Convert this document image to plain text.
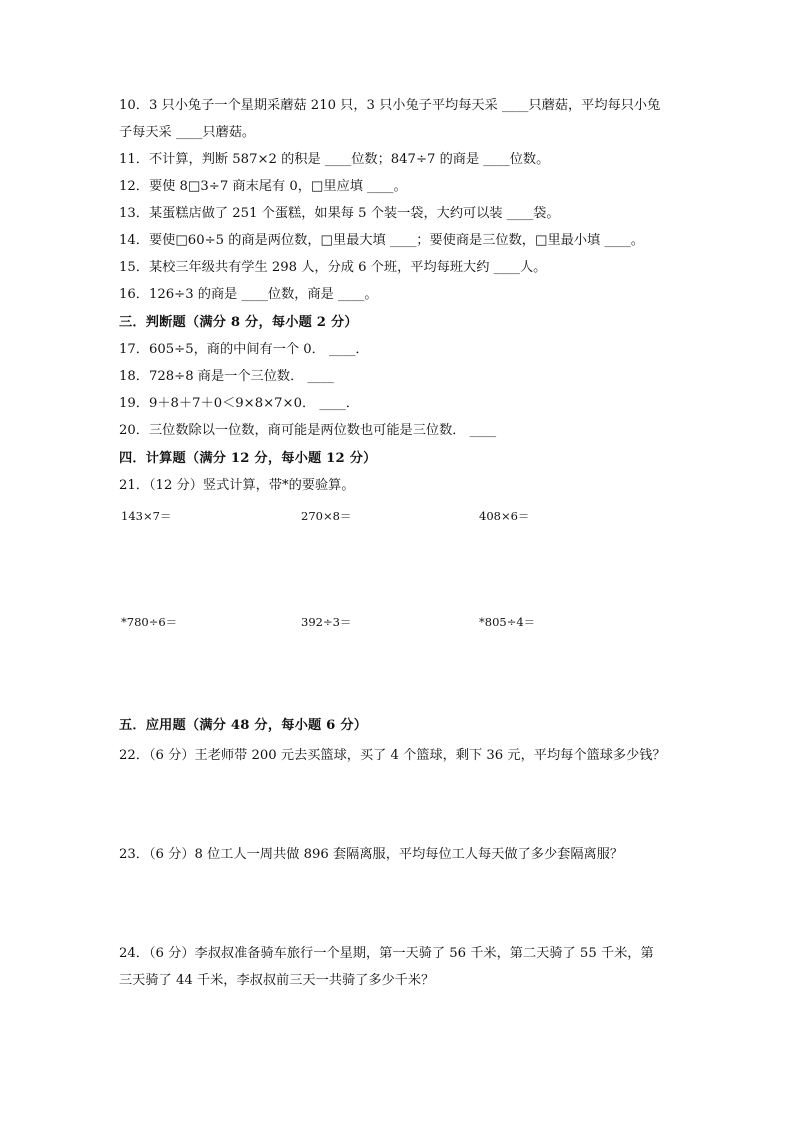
10．3 只小兔子一个星期采蘑菇 210 只，3 只小兔子平均每天采 ____只蘑菇，平均每只小兔
子每天采 ____只蘑菇。
11．不计算，判断 587×2 的积是 ____位数；847÷7 的商是 ____位数。
12．要使 8□3÷7 商末尾有 0，□里应填 ____。
13．某蛋糕店做了 251 个蛋糕，如果每 5 个装一袋，大约可以装 ____袋。
14．要使□60÷5 的商是两位数，□里最大填 ____；要使商是三位数，□里最小填 ____。
15．某校三年级共有学生 298 人，分成 6 个班，平均每班大约 ____人。
16．126÷3 的商是 ____位数，商是 ____。
三．判断题（满分 8 分，每小题 2 分）
17．605÷5，商的中间有一个 0． ____．
18．728÷8 商是一个三位数． ____
19．9＋8＋7＋0＜9×8×7×0． ____．
20．三位数除以一位数，商可能是两位数也可能是三位数． ____
四．计算题（满分 12 分，每小题 12 分）
21．（12 分）竖式计算，带*的要验算。
143×7＝	270×8＝	408×6＝
*780÷6＝	392÷3＝	*805÷4＝
五．应用题（满分 48 分，每小题 6 分）
22．（6 分）王老师带 200 元去买篮球，买了 4 个篮球，剩下 36 元，平均每个篮球多少钱？
23．（6 分）8 位工人一周共做 896 套隔离服，平均每位工人每天做了多少套隔离服？
24．（6 分）李叔叔准备骑车旅行一个星期，第一天骑了 56 千米，第二天骑了 55 千米，第
三天骑了 44 千米，李叔叔前三天一共骑了多少千米？
